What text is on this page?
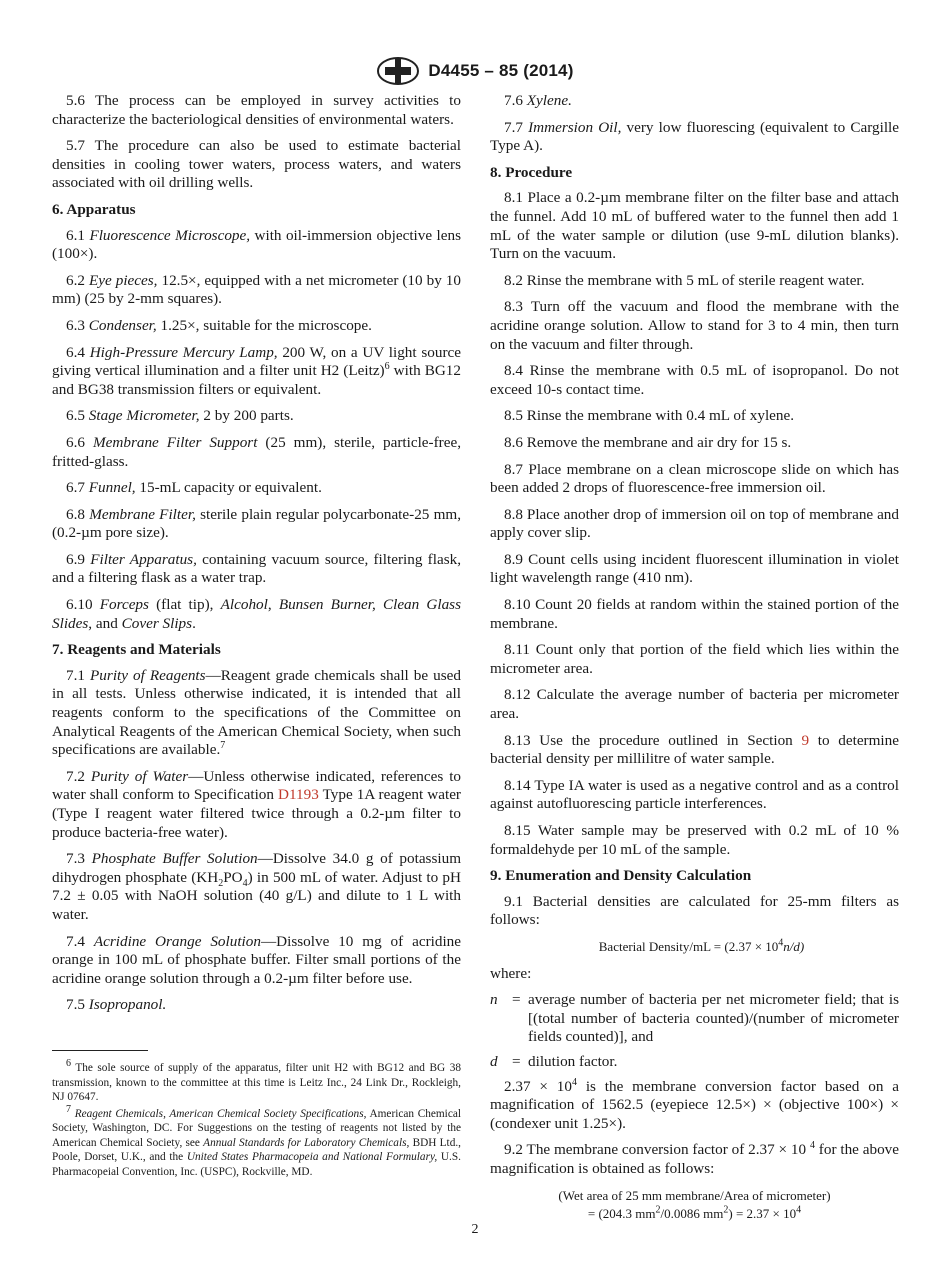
D4455 – 85 (2014)

5.6 The process can be employed in survey activities to characterize the bacteriological densities of environmental waters.

5.7 The procedure can also be used to estimate bacterial densities in cooling tower waters, process waters, and waters associated with oil drilling wells.

6. Apparatus

6.1 Fluorescence Microscope, with oil-immersion objective lens (100×).

6.2 Eye pieces, 12.5×, equipped with a net micrometer (10 by 10 mm) (25 by 2-mm squares).

6.3 Condenser, 1.25×, suitable for the microscope.

6.4 High-Pressure Mercury Lamp, 200 W, on a UV light source giving vertical illumination and a filter unit H2 (Leitz)$^6$ with BG12 and BG38 transmission filters or equivalent.

6.5 Stage Micrometer, 2 by 200 parts.

6.6 Membrane Filter Support (25 mm), sterile, particle-free, fritted-glass.

6.7 Funnel, 15-mL capacity or equivalent.

6.8 Membrane Filter, sterile plain regular polycarbonate-25 mm, (0.2-µm pore size).

6.9 Filter Apparatus, containing vacuum source, filtering flask, and a filtering flask as a water trap.

6.10 Forceps (flat tip), Alcohol, Bunsen Burner, Clean Glass Slides, and Cover Slips.

7. Reagents and Materials

7.1 Purity of Reagents—Reagent grade chemicals shall be used in all tests. Unless otherwise indicated, it is intended that all reagents conform to the specifications of the Committee on Analytical Reagents of the American Chemical Society, when such specifications are available.$^7$

7.2 Purity of Water—Unless otherwise indicated, references to water shall conform to Specification D1193 Type 1A reagent water (Type I reagent water filtered twice through a 0.2-µm filter to produce bacteria-free water).

7.3 Phosphate Buffer Solution—Dissolve 34.0 g of potassium dihydrogen phosphate $(KH_2PO_4)$ in 500 mL of water. Adjust to pH 7.2 ± 0.05 with NaOH solution (40 g/L) and dilute to 1 L with water.

7.4 Acridine Orange Solution—Dissolve 10 mg of acridine orange in 100 mL of phosphate buffer. Filter small portions of the acridine orange solution through a 0.2-µm filter before use.

7.5 Isopropanol.

6 The sole source of supply of the apparatus, filter unit H2 with BG12 and BG 38 transmission, known to the committee at this time is Leitz Inc., 24 Link Dr., Rockleigh, NJ 07647.

7 Reagent Chemicals, American Chemical Society Specifications, American Chemical Society, Washington, DC. For Suggestions on the testing of reagents not listed by the American Chemical Society, see Annual Standards for Laboratory Chemicals, BDH Ltd., Poole, Dorset, U.K., and the United States Pharmacopeia and National Formulary, U.S. Pharmacopeial Convention, Inc. (USPC), Rockville, MD.

7.6 Xylene.

7.7 Immersion Oil, very low fluorescing (equivalent to Cargille Type A).

8. Procedure

8.1 Place a 0.2-µm membrane filter on the filter base and attach the funnel. Add 10 mL of buffered water to the funnel then add 1 mL of the water sample or dilution (use 9-mL dilution blanks). Turn on the vacuum.

8.2 Rinse the membrane with 5 mL of sterile reagent water.

8.3 Turn off the vacuum and flood the membrane with the acridine orange solution. Allow to stand for 3 to 4 min, then turn on the vacuum and filter through.

8.4 Rinse the membrane with 0.5 mL of isopropanol. Do not exceed 10-s contact time.

8.5 Rinse the membrane with 0.4 mL of xylene.

8.6 Remove the membrane and air dry for 15 s.

8.7 Place membrane on a clean microscope slide on which has been added 2 drops of fluorescence-free immersion oil.

8.8 Place another drop of immersion oil on top of membrane and apply cover slip.

8.9 Count cells using incident fluorescent illumination in violet light wavelength range (410 nm).

8.10 Count 20 fields at random within the stained portion of the membrane.

8.11 Count only that portion of the field which lies within the micrometer area.

8.12 Calculate the average number of bacteria per micrometer area.

8.13 Use the procedure outlined in Section 9 to determine bacterial density per millilitre of water sample.

8.14 Type IA water is used as a negative control and as a control against autofluorescing particle interferences.

8.15 Water sample may be preserved with 0.2 mL of 10 % formaldehyde per 10 mL of the sample.

9. Enumeration and Density Calculation

9.1 Bacterial densities are calculated for 25-mm filters as follows:

Bacterial Density/mL = $(2.37 \times 10^4n/d)$

where:

n = average number of bacteria per net micrometer field; that is [(total number of bacteria counted)/(number of micrometer fields counted)], and
d = dilution factor.

$2.37 \times 10^4$ is the membrane conversion factor based on a magnification of 1562.5 (eyepiece 12.5×) × (objective 100×) × (condexer unit 1.25×).

9.2 The membrane conversion factor of 2.37 × 10 $^4$ for the above magnification is obtained as follows:

(Wet area of 25 mm membrane/Area of micrometer)
= (204.3 $mm^2/0.0086$ $mm^2) = 2.37 \times 10^4$
2
